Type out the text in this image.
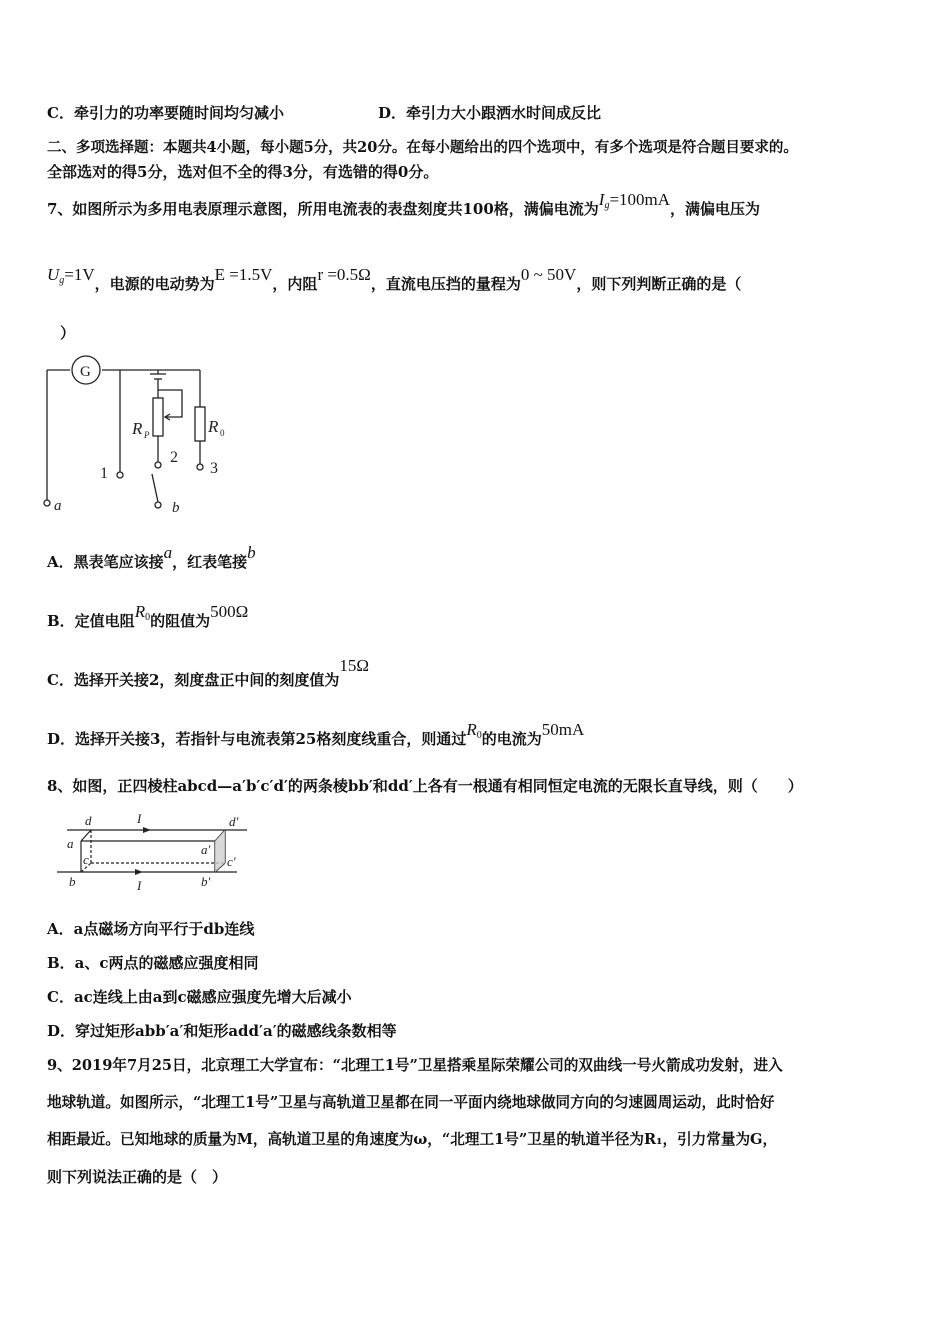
C．牵引力的功率要随时间均匀减小	D．牵引力大小跟洒水时间成反比
二、多项选择题：本题共4小题，每小题5分，共20分。在每小题给出的四个选项中，有多个选项是符合题目要求的。
全部选对的得5分，选对但不全的得3分，有选错的得0分。
7、如图所示为多用电表原理示意图，所用电流表的表盘刻度共100格，满偏电流为$I_g=100mA$，满偏电压为
$U_g=1V$，电源的电动势为E =1.5V，内阻r =0.5Ω，直流电压挡的量程为0 ~ 50V，则下列判断正确的是（
）
G
a
1
2
3
b
R P	R 0
A．黑表笔应该接a，红表笔接b
B．定值电阻$R_0$的阻值为500Ω
C．选择开关接2，刻度盘正中间的刻度值为15Ω
D．选择开关接3，若指针与电流表第25格刻度线重合，则通过$R_0$的电流为50mA
8、如图，正四棱柱abcd—a′b′c′d′的两条棱bb′和dd′上各有一根通有相同恒定电流的无限长直导线，则（　　）
d
a
c
b
d′
a′
c′
b′
I
I
A．a点磁场方向平行于db连线
B．a、c两点的磁感应强度相同
C．ac连线上由a到c磁感应强度先增大后减小
D．穿过矩形abb′a′和矩形add′a′的磁感线条数相等
9、2019年7月25日，北京理工大学宣布：“北理工1号”卫星搭乘星际荣耀公司的双曲线一号火箭成功发射，进入
地球轨道。如图所示，“北理工1号”卫星与高轨道卫星都在同一平面内绕地球做同方向的匀速圆周运动，此时恰好
相距最近。已知地球的质量为M，高轨道卫星的角速度为ω，“北理工1号”卫星的轨道半径为R₁，引力常量为G，
则下列说法正确的是（　）
